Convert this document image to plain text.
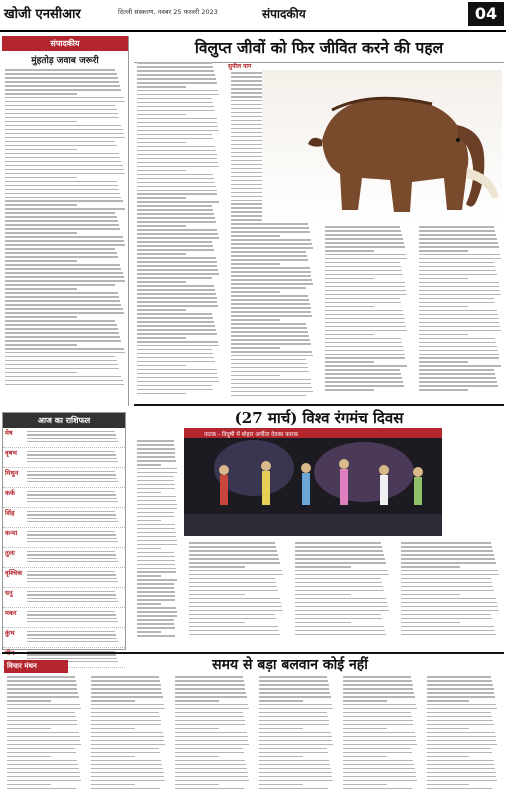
खोजी एनसीआर	दिल्ली संस्करण, नवंबर 25 फरवरी 2023	संपादकीय	04
संपादकीय
मुंहतोड़ जवाब जरूरी
आज का राशिफल
मेष
वृषभ
मिथुन
कर्क
सिंह
कन्या
तुला
वृश्चिक
धनु
मकर
कुंभ
मीन
विलुप्त जीवों को फिर जीवित करने की पहल
सुनील नाग
(27 मार्च) विश्व रंगमंच दिवस
नाटक - विदुषी में बोहार अर्पीता देवका कारक
विचार मंथन	समय से बड़ा बलवान कोई नहीं
